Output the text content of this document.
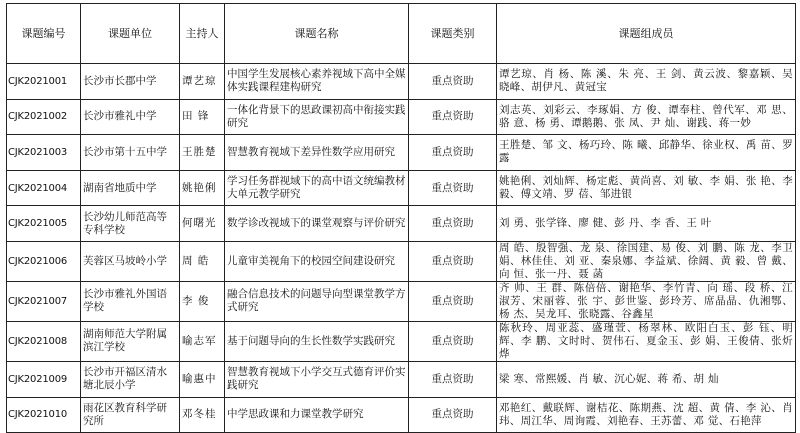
课题编号	课题单位	主持人	课题名称	课题类别	课题组成员
CJK2021001	长沙市长郡中学	谭艺琼	中国学生发展核心素养视域下高中全媒体实践课程建构研究	重点资助	谭艺琼、肖 杨、陈 溪、朱 亮、王 剑、黄云波、黎嘉颖、吴晓峰、胡伊凡、黄冠宝
CJK2021002	长沙市雅礼中学	田 锋	一体化背景下的思政课初高中衔接实践研究	重点资助	刘志英、刘彩云、李琢娟、方 俊、谭奉柱、曾代军、邓 思、骆 意、杨 勇、谭鹅鹅、张 凤、尹 灿、谢践、蒋一妙
CJK2021003	长沙市第十五中学	王胜楚	智慧教育视域下差异性数学应用研究	重点资助	王胜楚、邹 文、杨巧玲、陈 曦、邱静华、徐业权、禹 苗、罗 露
CJK2021004	湖南省地质中学	姚艳俐	学习任务群视域下的高中语文统编教材大单元教学研究	重点资助	姚艳俐、刘灿辉、杨定彪、黄尚喜、刘 敏、李 娟、张 艳、李 毅、傅文靖、罗 蓓、邹进银
CJK2021005	长沙幼儿师范高等专科学校	何曙光	数学诊改视域下的课堂观察与评价研究	重点资助	刘 勇、张学锋、廖 健、彭 丹、李 香、王 叶
CJK2021006	芙蓉区马坡岭小学	周 皓	儿童审美视角下的校园空间建设研究	重点资助	周 皓、殷智强、龙 泉、徐国建、易 俊、刘 鹏、陈 龙、李卫娟、林佳佳、刘 亚、秦泉娜、李益斌、徐阔、黄 毅、曾 戴、向 恒、张一丹、聂 菡
CJK2021007	长沙市雅礼外国语学校	李 俊	融合信息技术的问题导向型课堂教学方式研究	重点资助	齐 帅、王 群、陈倍倍、谢艳华、李竹青、向 瑶、段 桥、江淑芳、宋丽蓉、张 宇、彭世鉴、彭玲芳、席晶晶、仇湘鄂、杨 杰、吴龙耳、张晓露、谷鑫星
CJK2021008	湖南师范大学附属滨江学校	喻志军	基于问题导向的生长性数学实践研究	重点资助	陈秋玲、周亚蕊、盛瑾萱、杨翠林、欧阳白玉、彭 钰、明 辉、李 鹏、文时时、贺伟石、夏金玉、彭 娟、王俊倩、张炘烨
CJK2021009	长沙市开福区清水塘北辰小学	喻惠中	智慧教育视域下小学交互式德育评价实践研究	重点资助	梁 寒、常熙媛、肖 敏、沉心妮、蒋 希、胡 灿
CJK2021010	雨花区教育科学研究所	邓冬桂	中学思政课和力课堂教学研究	重点资助	邓艳红、戴联辉、谢桔花、陈期燕、沈 超、黄 倩、李 沁、肖 玮、周江华、周询霞、刘艳春、王苏蕾、邓 觉、石艳萍
